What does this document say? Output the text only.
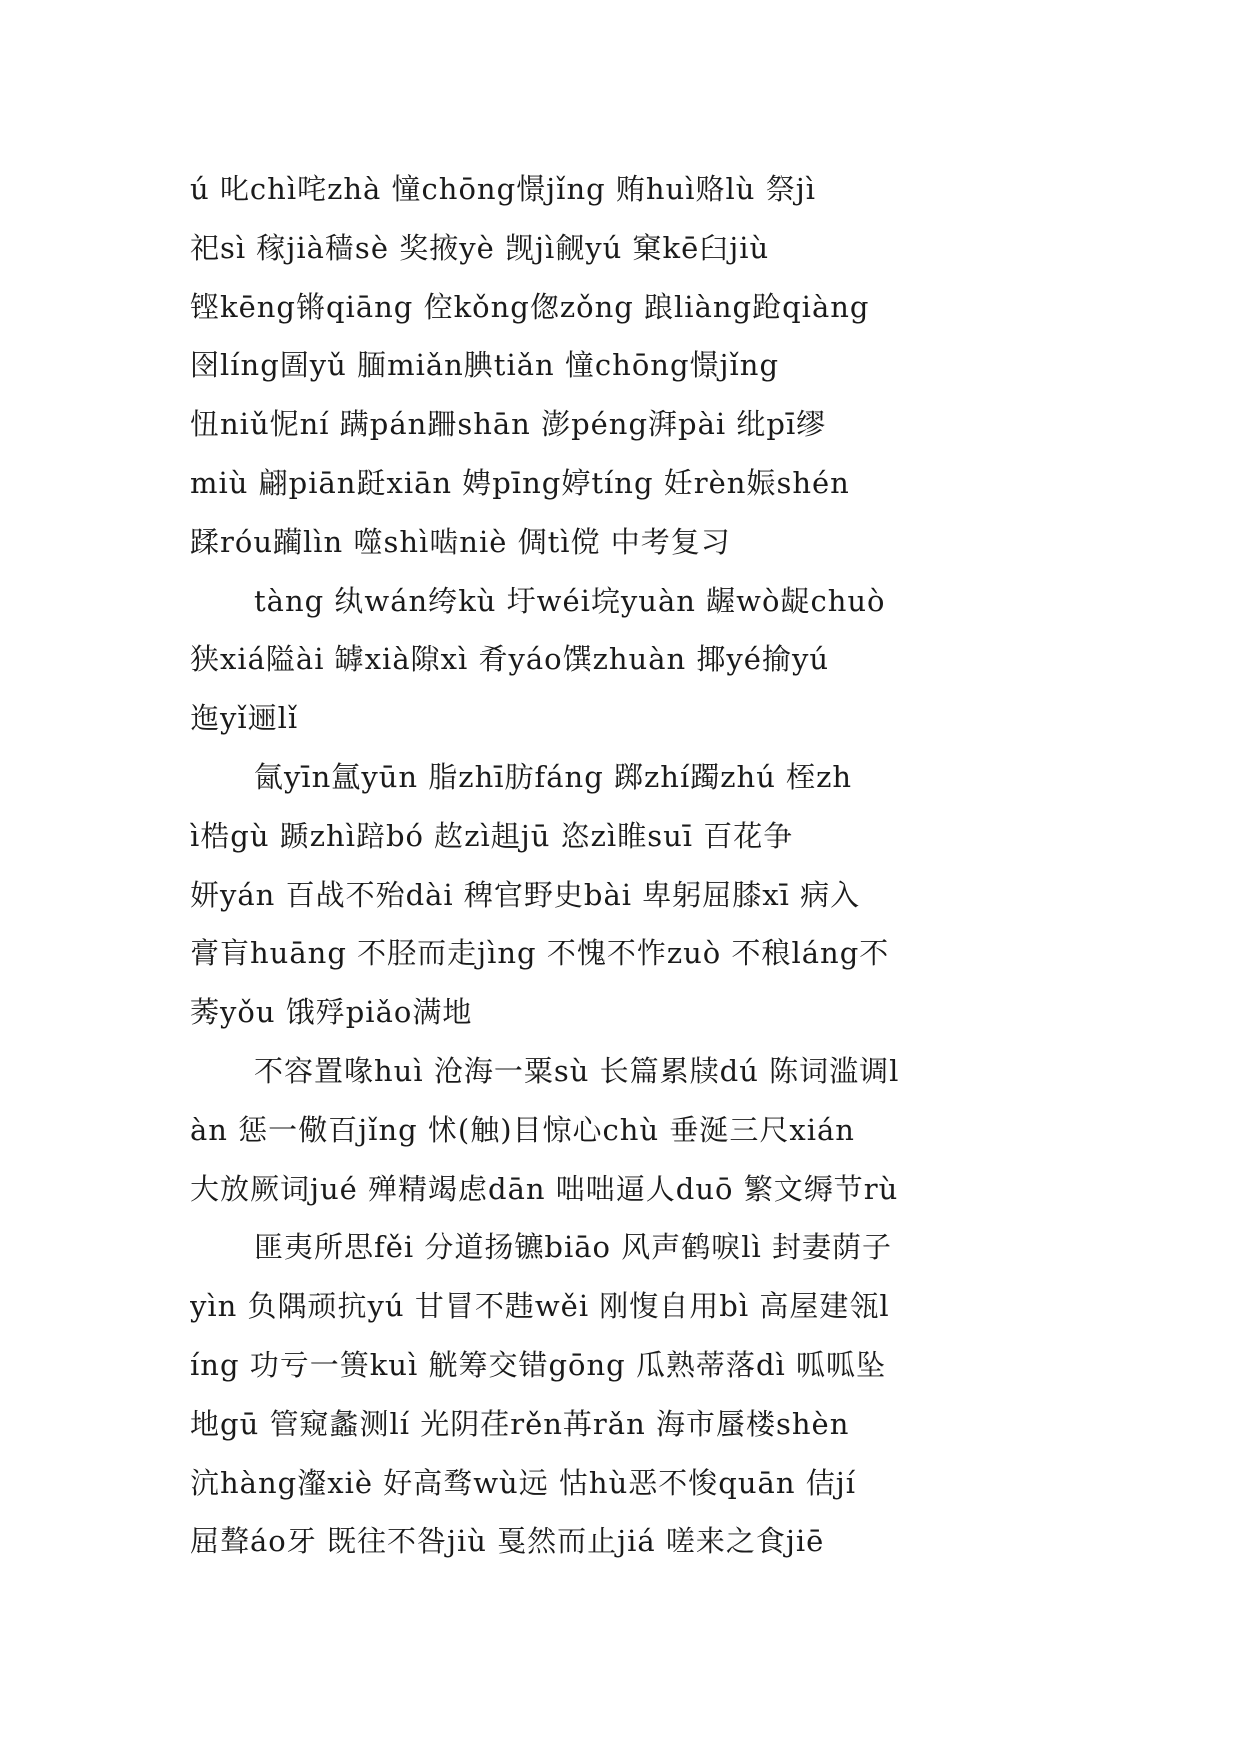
ú 叱chì咤zhà 憧chōng憬jǐng 贿huì赂lù 祭jì
祀sì 稼jià穑sè 奖掖yè 觊jì觎yú 窠kē臼jiù
铿kēng锵qiāng 倥kǒng偬zǒng 踉liàng跄qiàng
囹líng圄yǔ 腼miǎn腆tiǎn 憧chōng憬jǐng
忸niǔ怩ní 蹒pán跚shān 澎péng湃pài 纰pī缪
miù 翩piān跹xiān 娉pīng婷tíng 妊rèn娠shén
蹂róu躏lìn 噬shì啮niè 倜tì傥 中考复习
tàng 纨wán绔kù 圩wéi垸yuàn 龌wò龊chuò
狭xiá隘ài 罅xià隙xì 肴yáo馔zhuàn 揶yé揄yú
迤yǐ逦lǐ
氤yīn氲yūn 脂zhī肪fáng 踯zhí躅zhú 桎zh
ì梏gù 踬zhì踣bó 赼zì趄jū 恣zì睢suī 百花争
妍yán 百战不殆dài 稗官野史bài 卑躬屈膝xī 病入
膏肓huāng 不胫而走jìng 不愧不怍zuò 不稂láng不
莠yǒu 饿殍piǎo满地
不容置喙huì 沧海一粟sù 长篇累牍dú 陈词滥调l
àn 惩一儆百jǐng 怵(触)目惊心chù 垂涎三尺xián
大放厥词jué 殚精竭虑dān 咄咄逼人duō 繁文缛节rù
匪夷所思fěi 分道扬镳biāo 风声鹤唳lì 封妻荫子
yìn 负隅顽抗yú 甘冒不韪wěi 刚愎自用bì 高屋建瓴l
íng 功亏一篑kuì 觥筹交错gōng 瓜熟蒂落dì 呱呱坠
地gū 管窥蠡测lí 光阴荏rěn苒rǎn 海市蜃楼shèn
沆hàng瀣xiè 好高骛wù远 怙hù恶不悛quān 佶jí
屈聱áo牙 既往不咎jiù 戛然而止jiá 嗟来之食jiē
